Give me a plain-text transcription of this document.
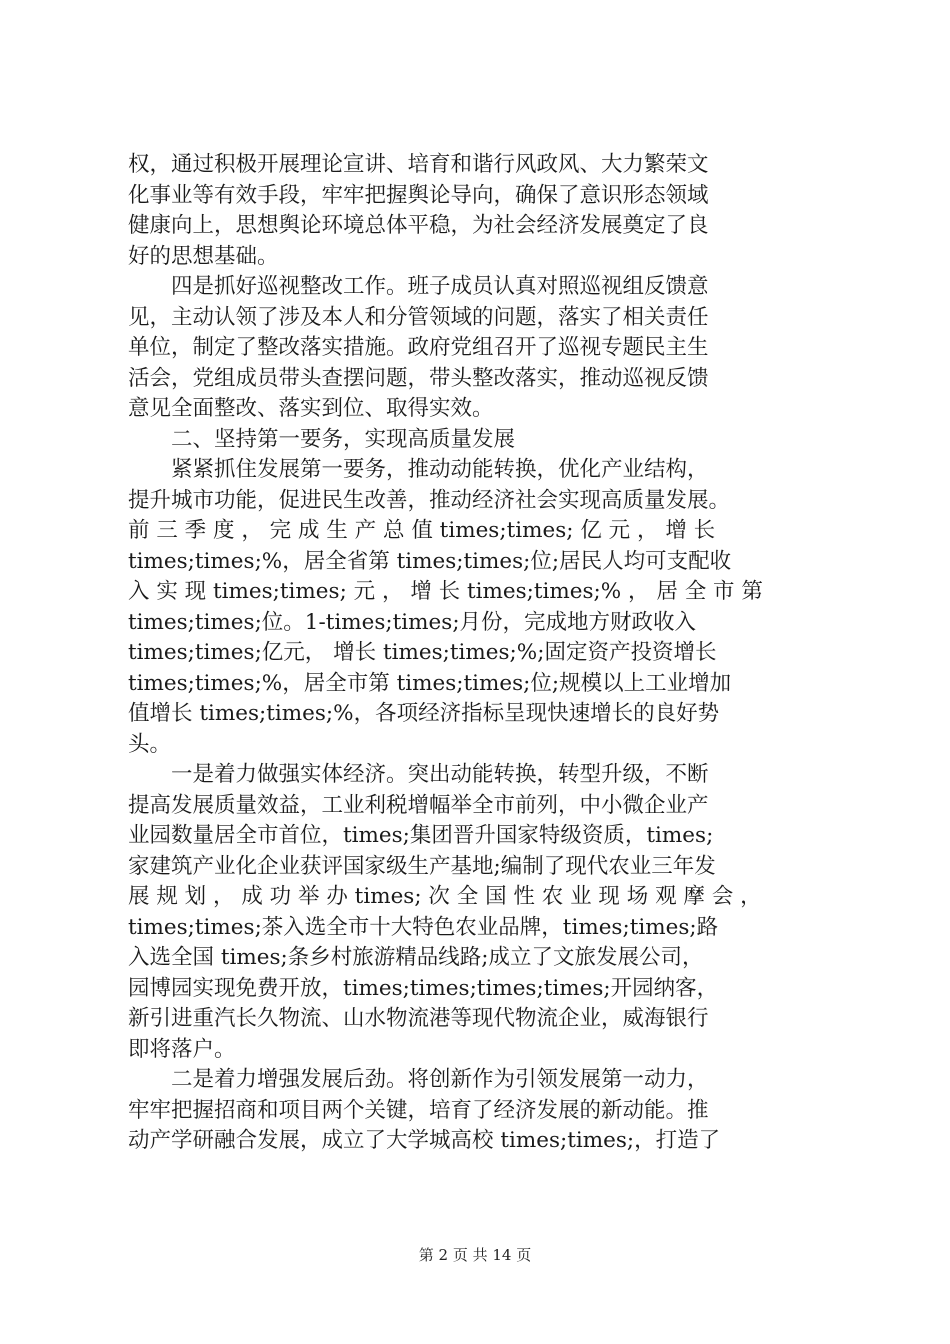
权，通过积极开展理论宣讲、培育和谐行风政风、大力繁荣文
化事业等有效手段，牢牢把握舆论导向，确保了意识形态领域
健康向上，思想舆论环境总体平稳，为社会经济发展奠定了良
好的思想基础。
　　四是抓好巡视整改工作。班子成员认真对照巡视组反馈意
见，主动认领了涉及本人和分管领域的问题，落实了相关责任
单位，制定了整改落实措施。政府党组召开了巡视专题民主生
活会，党组成员带头查摆问题，带头整改落实，推动巡视反馈
意见全面整改、落实到位、取得实效。
　　二、坚持第一要务，实现高质量发展
　　紧紧抓住发展第一要务，推动动能转换，优化产业结构，
提升城市功能，促进民生改善，推动经济社会实现高质量发展。
前 三 季 度 ， 完 成 生 产 总 值 times;times; 亿 元 ， 增 长
times;times;%，居全省第 times;times;位;居民人均可支配收
入 实 现 times;times; 元 ， 增 长 times;times;% ， 居 全 市 第
times;times;位。1-times;times;月份，完成地方财政收入
times;times;亿元， 增长 times;times;%;固定资产投资增长
times;times;%，居全市第 times;times;位;规模以上工业增加
值增长 times;times;%，各项经济指标呈现快速增长的良好势
头。
　　一是着力做强实体经济。突出动能转换，转型升级，不断
提高发展质量效益，工业利税增幅举全市前列，中小微企业产
业园数量居全市首位，times;集团晋升国家特级资质，times;
家建筑产业化企业获评国家级生产基地;编制了现代农业三年发
展 规 划 ， 成 功 举 办 times; 次 全 国 性 农 业 现 场 观 摩 会 ，
times;times;茶入选全市十大特色农业品牌，times;times;路
入选全国 times;条乡村旅游精品线路;成立了文旅发展公司，
园博园实现免费开放，times;times;times;times;开园纳客，
新引进重汽长久物流、山水物流港等现代物流企业，威海银行
即将落户。
　　二是着力增强发展后劲。将创新作为引领发展第一动力，
牢牢把握招商和项目两个关键，培育了经济发展的新动能。推
动产学研融合发展，成立了大学城高校 times;times;，打造了
第 2 页 共 14 页
